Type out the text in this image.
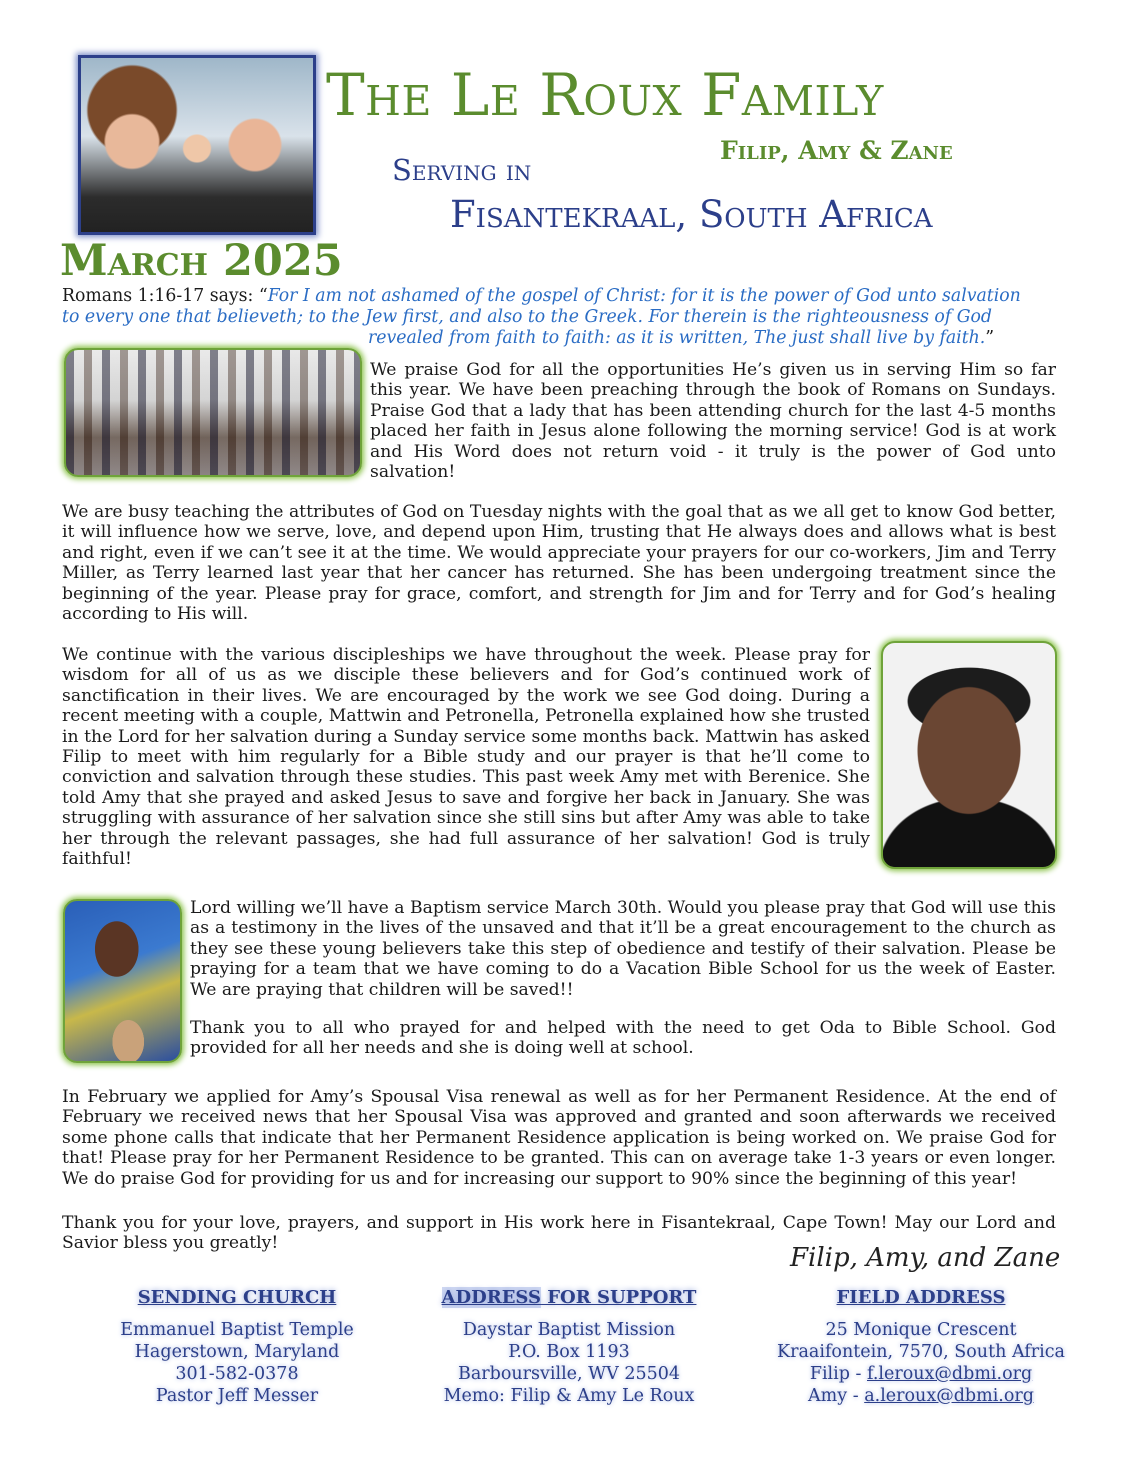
The Le Roux Family
Filip, Amy & Zane
Serving in
Fisantekraal, South Africa
March 2025
Romans 1:16-17 says: “For I am not ashamed of the gospel of Christ: for it is the power of God unto salvation
to every one that believeth; to the Jew first, and also to the Greek. For therein is the righteousness of God
revealed from faith to faith: as it is written, The just shall live by faith.”

We praise God for all the opportunities He’s given us in serving Him so far this year. We have been preaching through the book of Romans on Sundays. Praise God that a lady that has been attending church for the last 4-5 months placed her faith in Jesus alone following the morning service! God is at work and His Word does not return void - it truly is the power of God unto salvation!

We are busy teaching the attributes of God on Tuesday nights with the goal that as we all get to know God better, it will influence how we serve, love, and depend upon Him, trusting that He always does and allows what is best and right, even if we can’t see it at the time. We would appreciate your prayers for our co-workers, Jim and Terry Miller, as Terry learned last year that her cancer has returned. She has been undergoing treatment since the beginning of the year. Please pray for grace, comfort, and strength for Jim and for Terry and for God’s healing according to His will.

We continue with the various discipleships we have throughout the week. Please pray for wisdom for all of us as we disciple these believers and for God’s continued work of sanctification in their lives. We are encouraged by the work we see God doing. During a recent meeting with a couple, Mattwin and Petronella, Petronella explained how she trusted in the Lord for her salvation during a Sunday service some months back. Mattwin has asked Filip to meet with him regularly for a Bible study and our prayer is that he’ll come to conviction and salvation through these studies. This past week Amy met with Berenice. She told Amy that she prayed and asked Jesus to save and forgive her back in January. She was struggling with assurance of her salvation since she still sins but after Amy was able to take her through the relevant passages, she had full assurance of her salvation! God is truly faithful!

Lord willing we’ll have a Baptism service March 30th. Would you please pray that God will use this as a testimony in the lives of the unsaved and that it’ll be a great encouragement to the church as they see these young believers take this step of obedience and testify of their salvation. Please be praying for a team that we have coming to do a Vacation Bible School for us the week of Easter. We are praying that children will be saved!!

Thank you to all who prayed for and helped with the need to get Oda to Bible School. God provided for all her needs and she is doing well at school.

In February we applied for Amy’s Spousal Visa renewal as well as for her Permanent Residence. At the end of February we received news that her Spousal Visa was approved and granted and soon afterwards we received some phone calls that indicate that her Permanent Residence application is being worked on. We praise God for that! Please pray for her Permanent Residence to be granted. This can on average take 1-3 years or even longer. We do praise God for providing for us and for increasing our support to 90% since the beginning of this year!

Thank you for your love, prayers, and support in His work here in Fisantekraal, Cape Town! May our Lord and Savior bless you greatly!	Filip, Amy, and Zane
SENDING CHURCH
Emmanuel Baptist Temple
Hagerstown, Maryland
301-582-0378
Pastor Jeff Messer
ADDRESS FOR SUPPORT
Daystar Baptist Mission
P.O. Box 1193
Barboursville, WV 25504
Memo: Filip & Amy Le Roux
FIELD ADDRESS
25 Monique Crescent
Kraaifontein, 7570, South Africa
Filip - f.leroux@dbmi.org
Amy - a.leroux@dbmi.org
